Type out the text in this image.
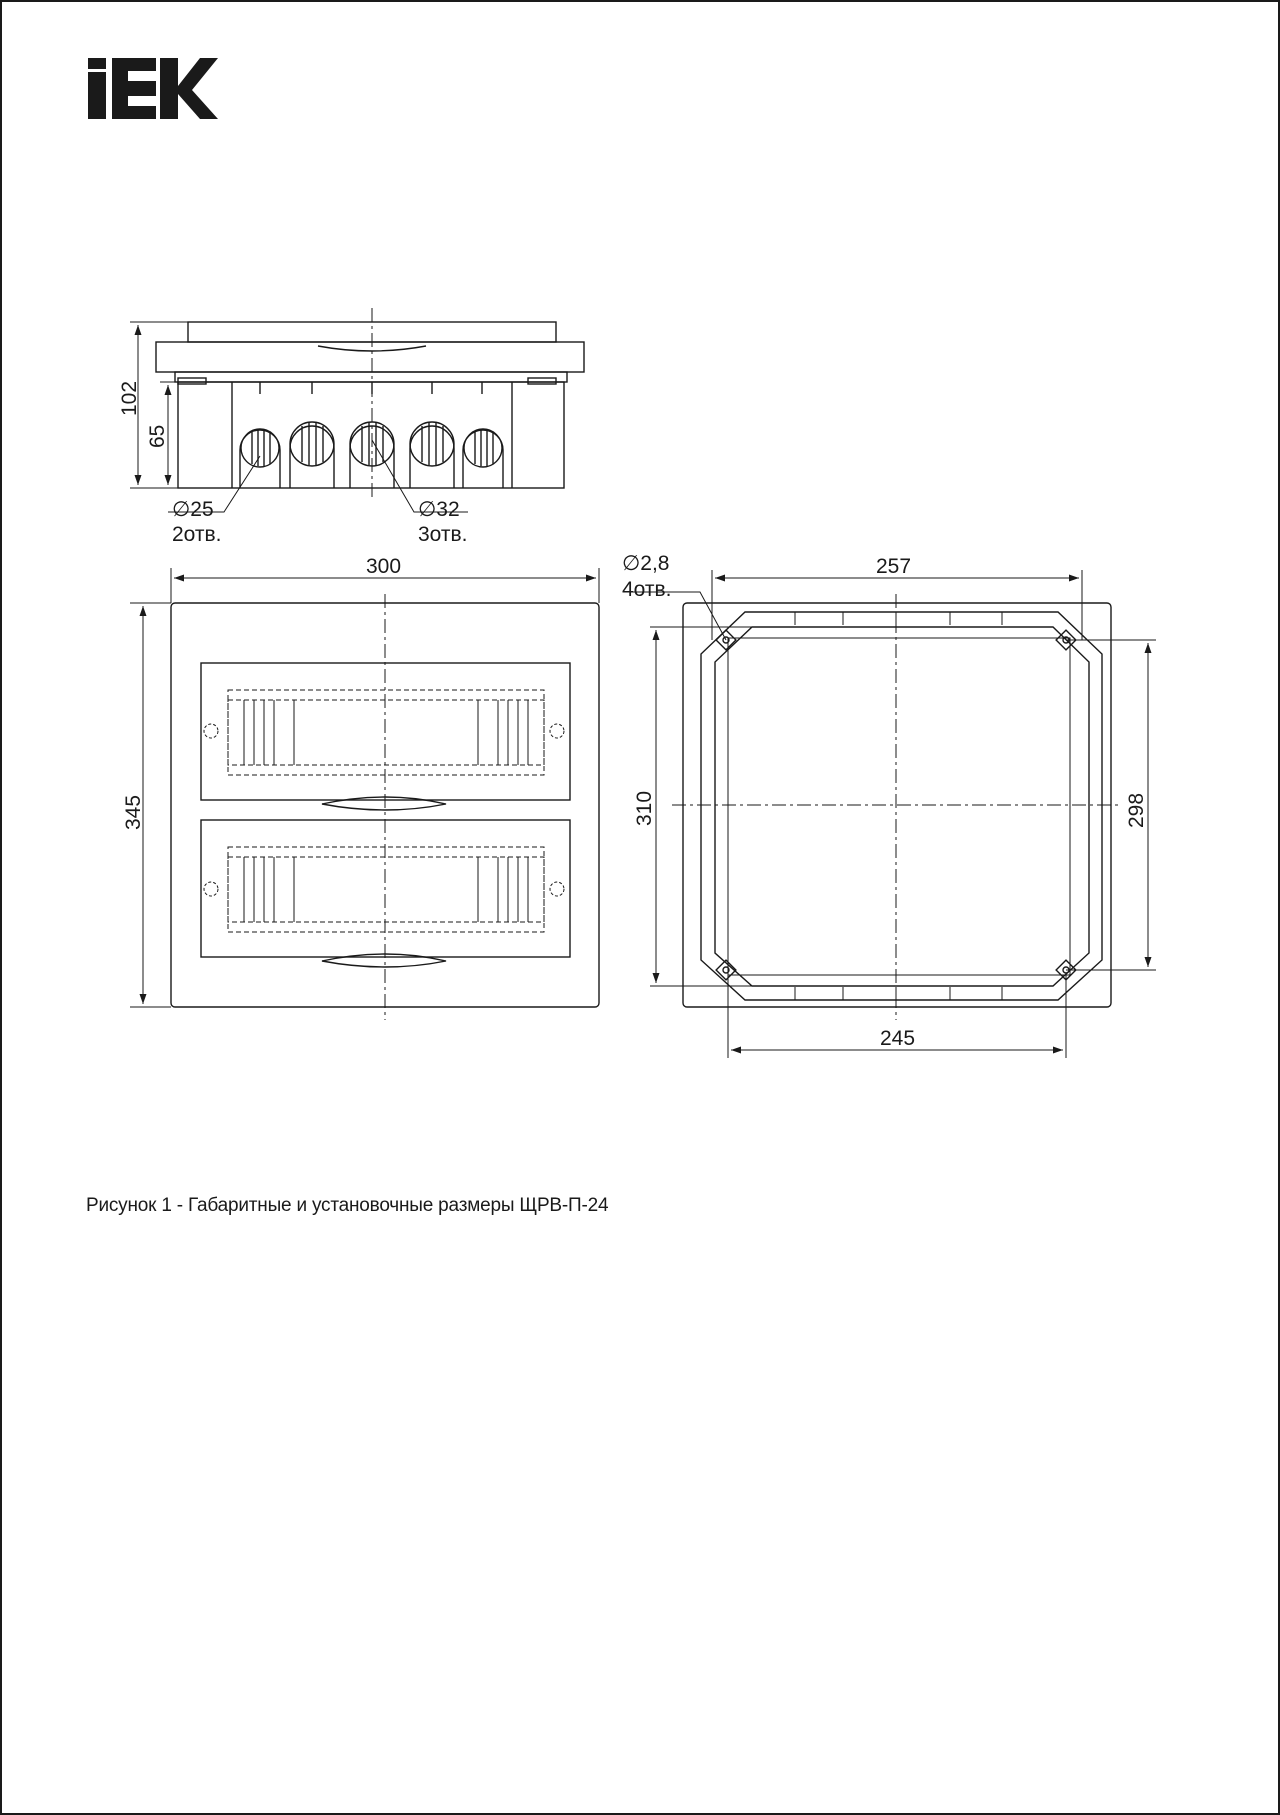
102
65
∅25
2отв.
∅32
3отв.
300
345
∅2,8
4отв.
257
245
310	298
Рисунок 1 - Габаритные и установочные размеры ЩРВ-П-24
